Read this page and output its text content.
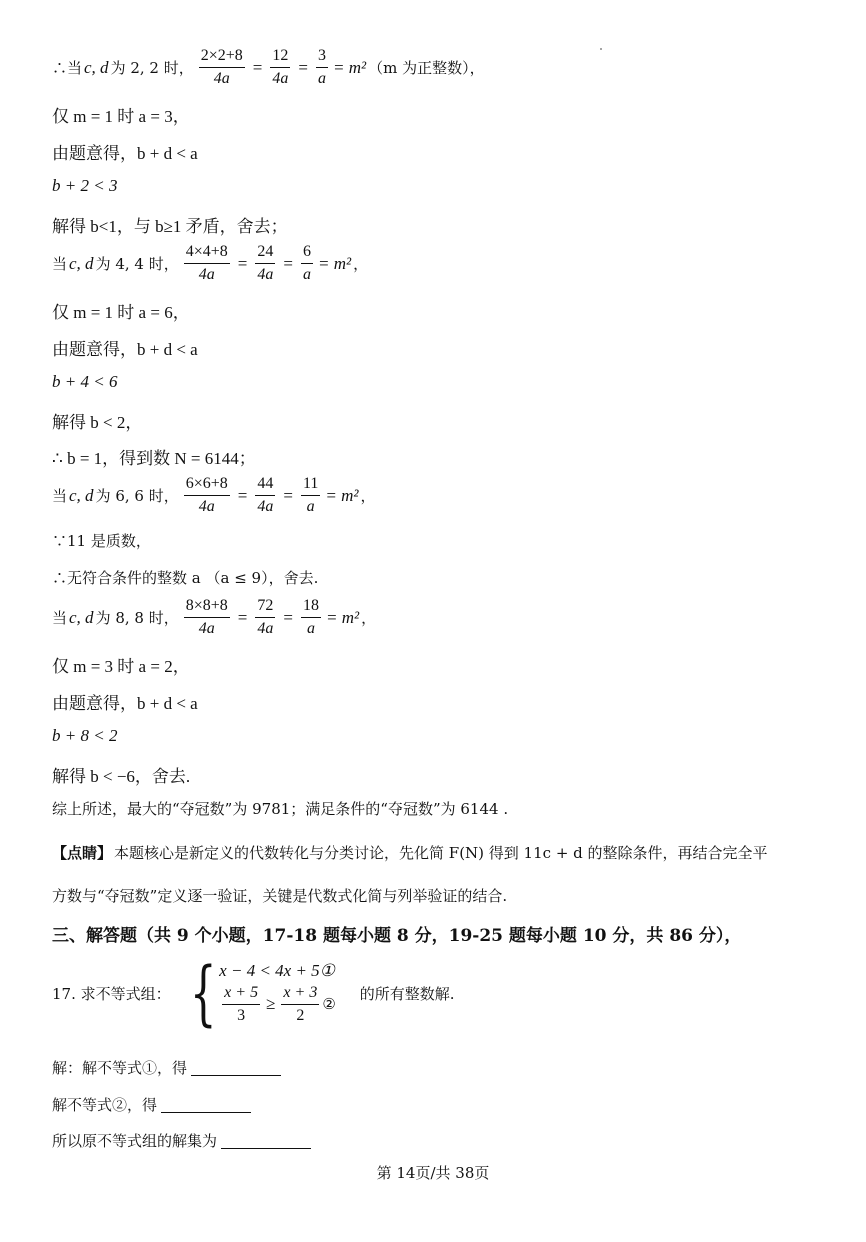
∴当 c, d 为 2, 2 时， $\frac{2\times 2+8}{4a} = \frac{12}{4a} = \frac{3}{a} = m^2$ （m 为正整数），
仅 m = 1 时 a = 3，
由题意得，b + d < a
b + 2 < 3
解得 b<1，与 b≥1 矛盾，舍去；
当 c, d 为 4, 4 时， $\frac{4\times 4+8}{4a} = \frac{24}{4a} = \frac{6}{a} = m^2$ ，
仅 m = 1 时 a = 6，
由题意得，b + d < a
b + 4 < 6
解得 b < 2，
∴ b = 1，得到数 N = 6144；
当 c, d 为 6, 6 时， $\frac{6\times 6+8}{4a} = \frac{44}{4a} = \frac{11}{a} = m^2$ ，
∵11 是质数，
∴无符合条件的整数 a （a ≤ 9），舍去.
当 c, d 为 8, 8 时， $\frac{8\times 8+8}{4a} = \frac{72}{4a} = \frac{18}{a} = m^2$ ，
仅 m = 3 时 a = 2，
由题意得，b + d < a
b + 8 < 2
解得 b < −6，舍去.
综上所述，最大的“夺冠数”为 9781；满足条件的“夺冠数”为 6144 .
【点睛】 本题核心是新定义的代数转化与分类讨论，先化简 F(N) 得到 11c + d 的整除条件，再结合完全平
方数与“夺冠数”定义逐一验证，关键是代数式化简与列举验证的结合.
三、解答题（共 9 个小题，17-18 题每小题 8 分，19-25 题每小题 10 分，共 86 分），
17. 求不等式组： { x − 4 < 4x + 5①
$\frac{x + 5}{3} \ge \frac{x + 3}{2}$ ②
的所有整数解.
解：解不等式①，得
解不等式②，得
所以原不等式组的解集为
第 14页/共 38页
